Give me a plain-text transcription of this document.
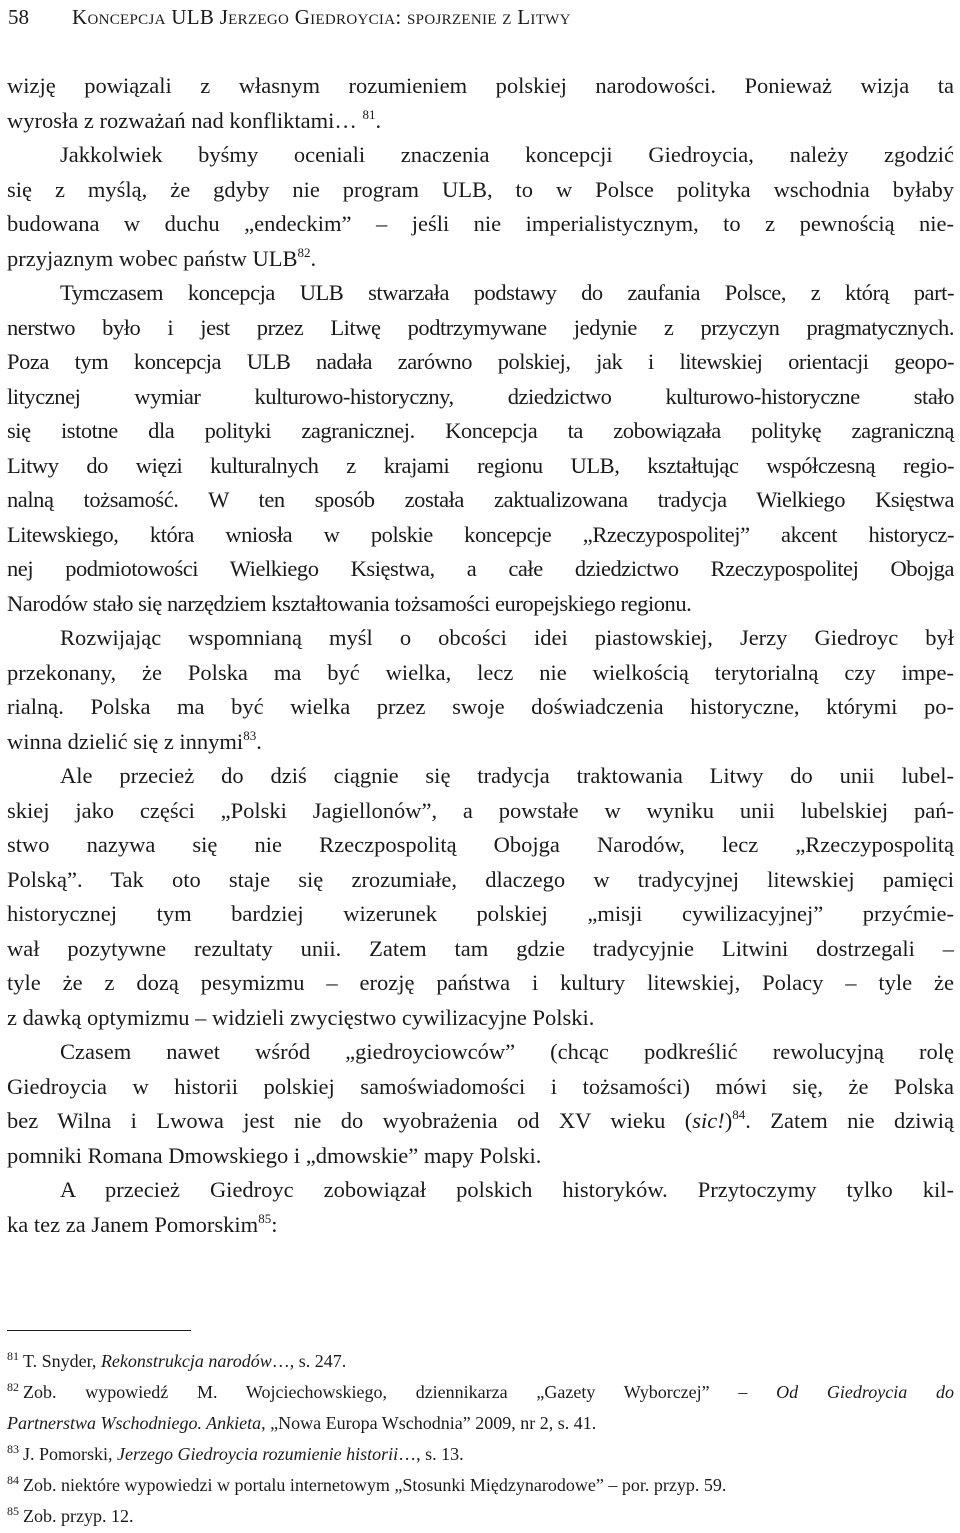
58 Koncepcja ULB Jerzego Giedroycia: spojrzenie z Litwy

wizję powiązali z własnym rozumieniem polskiej narodowości. Ponieważ wizja ta
wyrosła z rozważań nad konfliktami… $^{81}$.

Jakkolwiek byśmy oceniali znaczenia koncepcji Giedroycia, należy zgodzić
się z myślą, że gdyby nie program ULB, to w Polsce polityka wschodnia byłaby
budowana w duchu „endeckim” – jeśli nie imperialistycznym, to z pewnością nie-
przyjaznym wobec państw ULB$^{82}$.

Tymczasem koncepcja ULB stwarzała podstawy do zaufania Polsce, z którą part-
nerstwo było i jest przez Litwę podtrzymywane jedynie z przyczyn pragmatycznych.
Poza tym koncepcja ULB nadała zarówno polskiej, jak i litewskiej orientacji geopo-
litycznej wymiar kulturowo-historyczny, dziedzictwo kulturowo-historyczne stało
się istotne dla polityki zagranicznej. Koncepcja ta zobowiązała politykę zagraniczną
Litwy do więzi kulturalnych z krajami regionu ULB, kształtując współczesną regio-
nalną tożsamość. W ten sposób została zaktualizowana tradycja Wielkiego Księstwa
Litewskiego, która wniosła w polskie koncepcje „Rzeczypospolitej” akcent historycz-
nej podmiotowości Wielkiego Księstwa, a całe dziedzictwo Rzeczypospolitej Obojga
Narodów stało się narzędziem kształtowania tożsamości europejskiego regionu.

Rozwijając wspomnianą myśl o obcości idei piastowskiej, Jerzy Giedroyc był
przekonany, że Polska ma być wielka, lecz nie wielkością terytorialną czy impe-
rialną. Polska ma być wielka przez swoje doświadczenia historyczne, którymi po-
winna dzielić się z innymi$^{83}$.

Ale przecież do dziś ciągnie się tradycja traktowania Litwy do unii lubel-
skiej jako części „Polski Jagiellonów”, a powstałe w wyniku unii lubelskiej pań-
stwo nazywa się nie Rzeczpospolitą Obojga Narodów, lecz „Rzeczypospolitą
Polską”. Tak oto staje się zrozumiałe, dlaczego w tradycyjnej litewskiej pamięci
historycznej tym bardziej wizerunek polskiej „misji cywilizacyjnej” przyćmie-
wał pozytywne rezultaty unii. Zatem tam gdzie tradycyjnie Litwini dostrzegali –
tyle że z dozą pesymizmu – erozję państwa i kultury litewskiej, Polacy – tyle że
z dawką optymizmu – widzieli zwycięstwo cywilizacyjne Polski.

Czasem nawet wśród „giedroyciowców” (chcąc podkreślić rewolucyjną rolę
Giedroycia w historii polskiej samoświadomości i tożsamości) mówi się, że Polska
bez Wilna i Lwowa jest nie do wyobrażenia od XV wieku $(sic!)^{84}$. Zatem nie dziwią
pomniki Romana Dmowskiego i „dmowskie” mapy Polski.

A przecież Giedroyc zobowiązał polskich historyków. Przytoczymy tylko kil-
ka tez za Janem Pomorskim$^{85}$:

$^{81}$ T. Snyder, Rekonstrukcja narodów…, s. 247.
$^{82}$ Zob. wypowiedź M. Wojciechowskiego, dziennikarza „Gazety Wyborczej” – Od Giedroycia do
Partnerstwa Wschodniego. Ankieta, „Nowa Europa Wschodnia” 2009, nr 2, s. 41.
$^{83}$ J. Pomorski, Jerzego Giedroycia rozumienie historii…, s. 13.
$^{84}$ Zob. niektóre wypowiedzi w portalu internetowym „Stosunki Międzynarodowe” – por. przyp. 59.
$^{85}$ Zob. przyp. 12.
